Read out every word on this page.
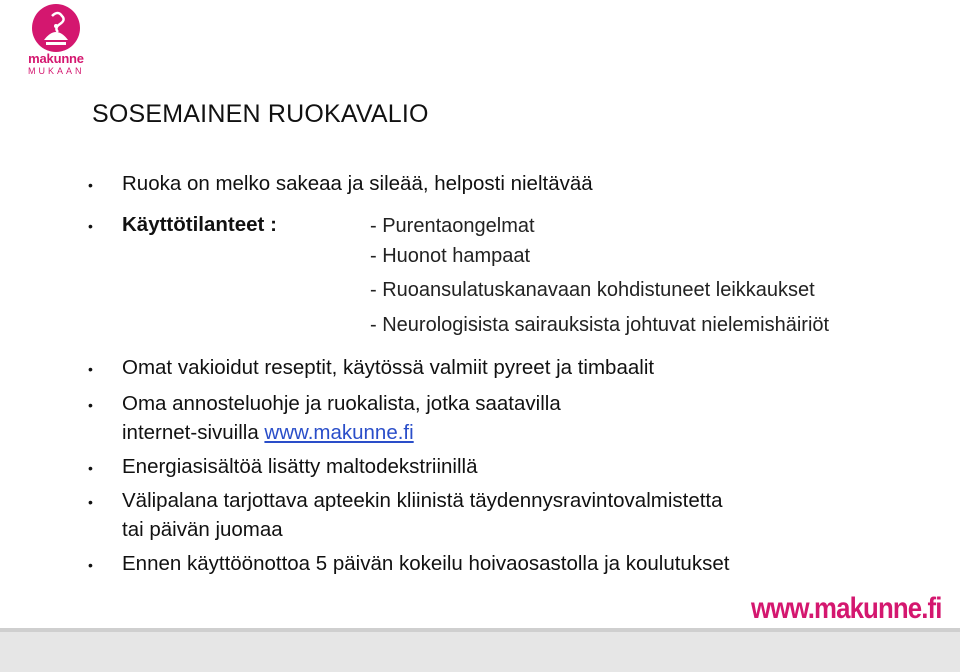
makunne
MUKAAN
SOSEMAINEN RUOKAVALIO
• Ruoka on melko sakeaa ja sileää, helposti nieltävää
• Käyttötilanteet :	- Purentaongelmat
- Huonot hampaat
- Ruoansulatuskanavaan kohdistuneet leikkaukset
- Neurologisista sairauksista johtuvat nielemishäiriöt
• Omat vakioidut reseptit, käytössä valmiit pyreet ja timbaalit
• Oma annosteluohje ja ruokalista, jotka saatavilla
internet-sivuilla www.makunne.fi
• Energiasisältöä lisätty maltodekstriinillä
• Välipalana tarjottava apteekin kliinistä täydennysravintovalmistetta
tai päivän juomaa
• Ennen käyttöönottoa 5 päivän kokeilu hoivaosastolla ja koulutukset
www.makunne.fi
